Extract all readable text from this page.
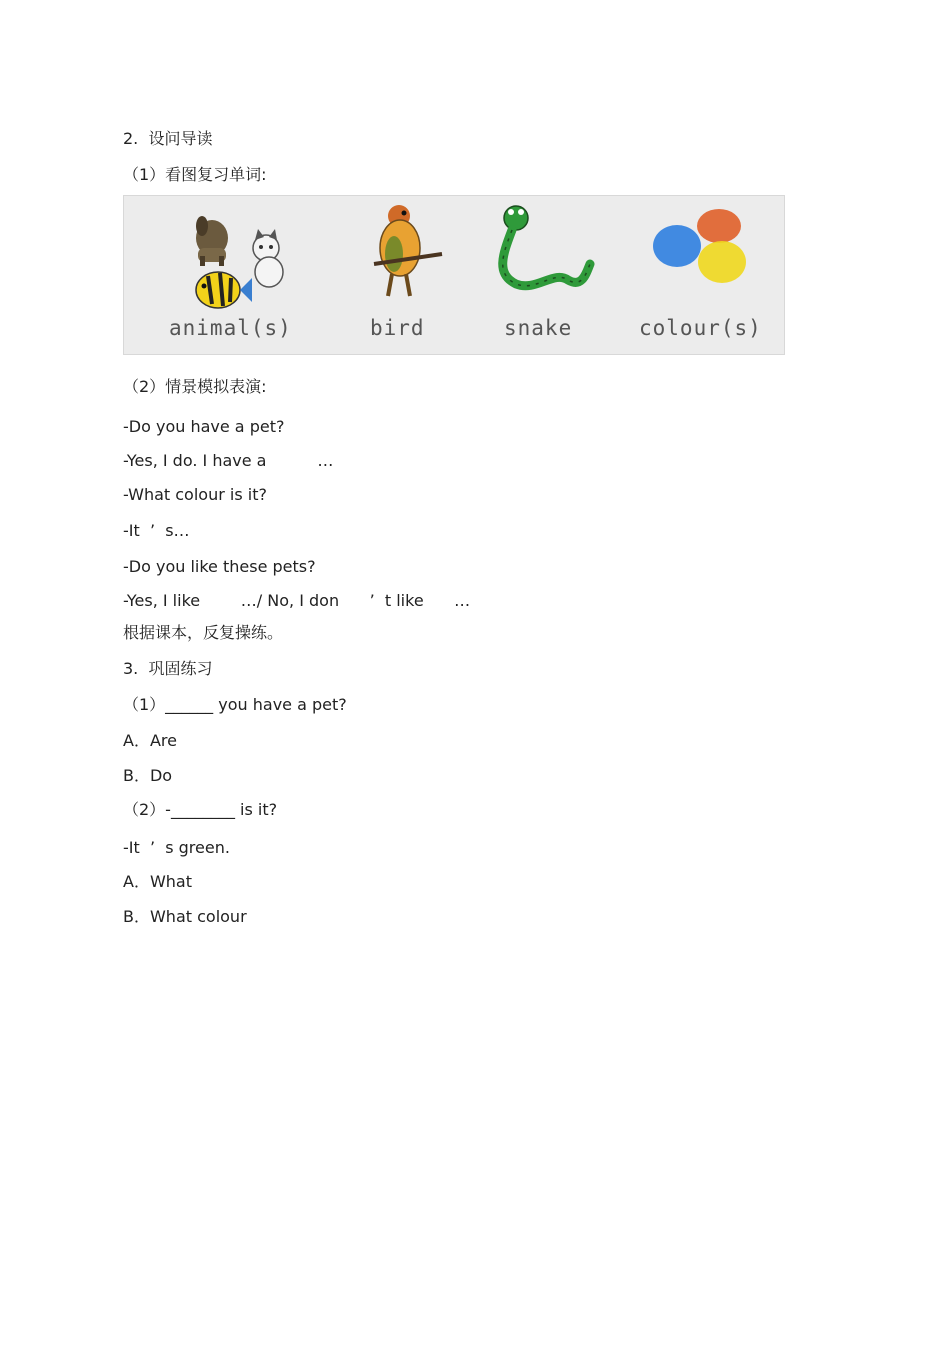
2.  设问导读
（1）看图复习单词:
animal(s)	bird	snake	colour(s)
（2）情景模拟表演:
-Do you have a pet?
-Yes, I do. I have a          …
-What colour is it?
-It  ’  s…
-Do you like these pets?
-Yes, I like        …/ No, I don      ’  t like      …
根据课本，反复操练。
3.  巩固练习
（1）______ you have a pet?
A．Are
B．Do
（2）-________ is it?
-It  ’  s green.
A．What
B．What colour
